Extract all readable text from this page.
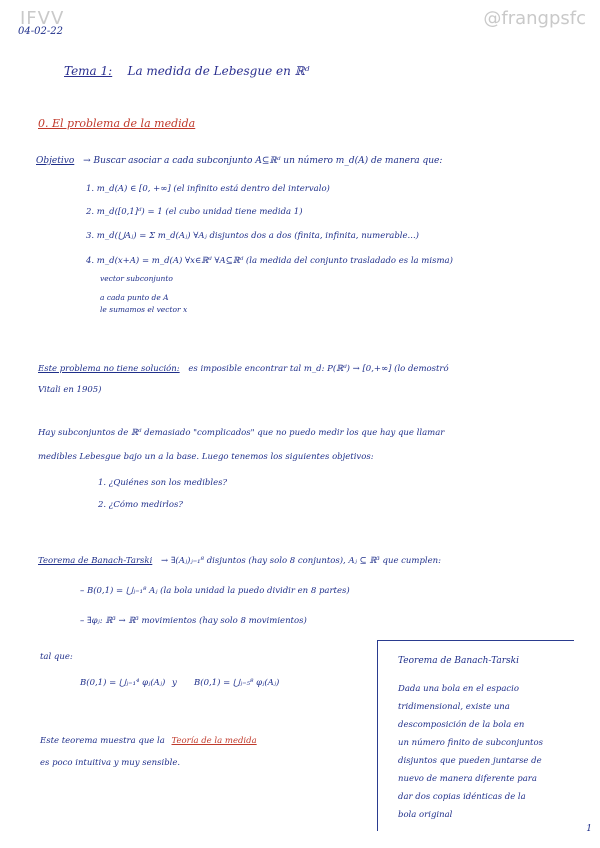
IFVV	@frangpsfc
04-02-22
Tema 1: La medida de Lebesgue en ℝᵈ
0. El problema de la medida
Objetivo → Buscar asociar a cada subconjunto A⊆ℝᵈ un número m_d(A) de manera que:
1. m_d(A) ∈ [0, +∞] (el infinito está dentro del intervalo)
2. m_d([0,1]ᵈ) = 1 (el cubo unidad tiene medida 1)
3. m_d(⋃Aⱼ) = Σ m_d(Aⱼ) ∀Aⱼ disjuntos dos a dos (finita, infinita, numerable...)
4. m_d(x+A) = m_d(A) ∀x∈ℝᵈ ∀A⊆ℝᵈ (la medida del conjunto trasladado es la misma)
vector subconjunto
a cada punto de A
le sumamos el vector x
Este problema no tiene solución: es imposible encontrar tal m_d: P(ℝᵈ) → [0,+∞] (lo demostró
Vitali en 1905)
Hay subconjuntos de ℝᵈ demasiado "complicados" que no puedo medir los que hay que llamar
medibles Lebesgue bajo un a la base. Luego tenemos los siguientes objetivos:
1. ¿Quiénes son los medibles?
2. ¿Cómo medirlos?
Teorema de Banach-Tarski → ∃(Aⱼ)ⱼ₌₁⁸ disjuntos (hay solo 8 conjuntos), Aⱼ ⊆ ℝ³ que cumplen:
– B(0,1) = ⋃ⱼ₌₁⁸ Aⱼ (la bola unidad la puedo dividir en 8 partes)
– ∃φⱼ: ℝ³ → ℝ³ movimientos (hay solo 8 movimientos)
tal que:
B(0,1) = ⋃ⱼ₌₁⁴ φⱼ(Aⱼ) y B(0,1) = ⋃ⱼ₌₅⁸ φⱼ(Aⱼ)
Este teorema muestra que la Teoría de la medida
es poco intuitiva y muy sensible.
Teorema de Banach-Tarski
Dada una bola en el espacio
tridimensional, existe una
descomposición de la bola en
un número finito de subconjuntos
disjuntos que pueden juntarse de
nuevo de manera diferente para
dar dos copias idénticas de la
bola original
1
